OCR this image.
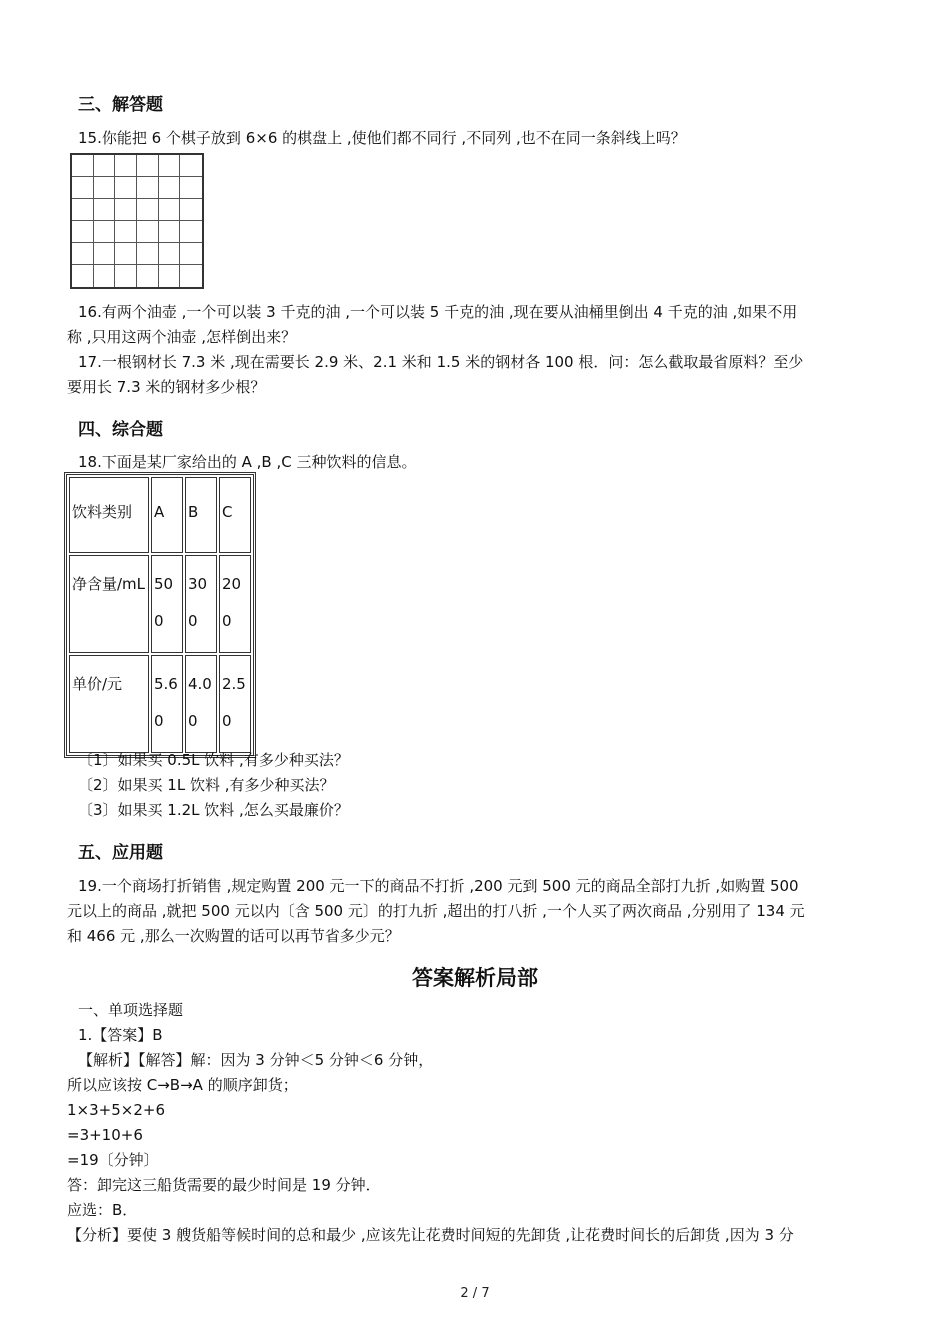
三、解答题
15.你能把 6 个棋子放到 6×6 的棋盘上 ,使他们都不同行 ,不同列 ,也不在同一条斜线上吗？
16.有两个油壶 ,一个可以装 3 千克的油 ,一个可以装 5 千克的油 ,现在要从油桶里倒出 4 千克的油 ,如果不用
称 ,只用这两个油壶 ,怎样倒出来？
17.一根钢材长 7.3 米 ,现在需要长 2.9 米、2.1 米和 1.5 米的钢材各 100 根．问：怎么截取最省原料？至少
要用长 7.3 米的钢材多少根？
四、综合题
18.下面是某厂家给出的 A ,B ,C 三种饮料的信息。
饮料类别	A	B	C
净含量/mL	500	300	200
单价/元	5.60	4.00	2.50
〔1〕如果买 0.5L 饮料 ,有多少种买法？
〔2〕如果买 1L 饮料 ,有多少种买法？
〔3〕如果买 1.2L 饮料 ,怎么买最廉价？
五、应用题
19.一个商场打折销售 ,规定购置 200 元一下的商品不打折 ,200 元到 500 元的商品全部打九折 ,如购置 500
元以上的商品 ,就把 500 元以内〔含 500 元〕的打九折 ,超出的打八折 ,一个人买了两次商品 ,分别用了 134 元
和 466 元 ,那么一次购置的话可以再节省多少元？
答案解析局部
一、单项选择题
1.【答案】B
【解析】【解答】解：因为 3 分钟＜5 分钟＜6 分钟，
所以应该按 C→B→A 的顺序卸货；
1×3+5×2+6
=3+10+6
=19〔分钟〕
答：卸完这三船货需要的最少时间是 19 分钟．
应选：B．
【分析】要使 3 艘货船等候时间的总和最少 ,应该先让花费时间短的先卸货 ,让花费时间长的后卸货 ,因为 3 分
2 / 7
